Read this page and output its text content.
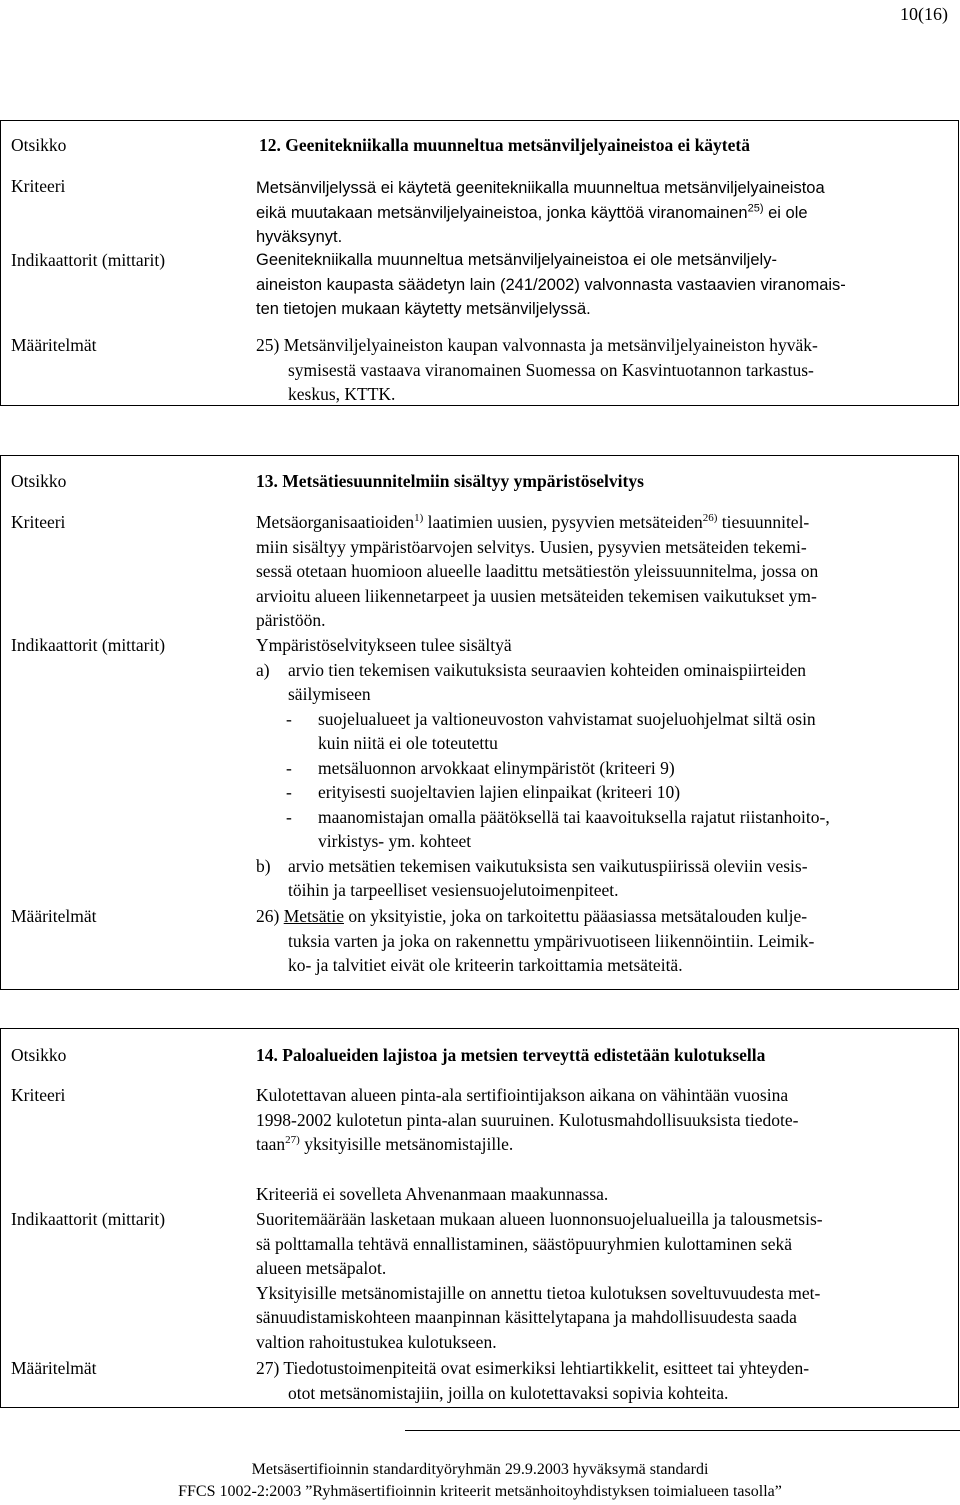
10(16)
Otsikko	12. Geenitekniikalla muunneltua metsänviljelyaineistoa ei käytetä
Kriteeri	Metsänviljelyssä ei käytetä geenitekniikalla muunneltua metsänviljelyaineistoa
eikä muutakaan metsänviljelyaineistoa, jonka käyttöä viranomainen$^{25)}$ ei ole
hyväksynyt.
Indikaattorit (mittarit)	Geenitekniikalla muunneltua metsänviljelyaineistoa ei ole metsänviljely-
aineiston kaupasta säädetyn lain (241/2002) valvonnasta vastaavien viranomais-
ten tietojen mukaan käytetty metsänviljelyssä.
Määritelmät	25) Metsänviljelyaineiston kaupan valvonnasta ja metsänviljelyaineiston hyväk-
symisestä vastaava viranomainen Suomessa on Kasvintuotannon tarkastus-
keskus, KTTK.
Otsikko	13. Metsätiesuunnitelmiin sisältyy ympäristöselvitys
Kriteeri	Metsäorganisaatioiden$^{1)}$ laatimien uusien, pysyvien metsäteiden$^{26)}$ tiesuunnitel-
miin sisältyy ympäristöarvojen selvitys. Uusien, pysyvien metsäteiden tekemi-
sessä otetaan huomioon alueelle laadittu metsätiestön yleissuunnitelma, jossa on
arvioitu alueen liikennetarpeet ja uusien metsäteiden tekemisen vaikutukset ym-
päristöön.
Indikaattorit (mittarit)	Ympäristöselvitykseen tulee sisältyä
a)	arvio tien tekemisen vaikutuksista seuraavien kohteiden ominaispiirteiden
säilymiseen
-	suojelualueet ja valtioneuvoston vahvistamat suojeluohjelmat siltä osin
kuin niitä ei ole toteutettu
-	metsäluonnon arvokkaat elinympäristöt (kriteeri 9)
-	erityisesti suojeltavien lajien elinpaikat (kriteeri 10)
-	maanomistajan omalla päätöksellä tai kaavoituksella rajatut riistanhoito-,
virkistys- ym. kohteet
b) arvio metsätien tekemisen vaikutuksista sen vaikutuspiirissä oleviin vesis-
töihin ja tarpeelliset vesiensuojelutoimenpiteet.
Määritelmät	26) Metsätie on yksityistie, joka on tarkoitettu pääasiassa metsätalouden kulje-
tuksia varten ja joka on rakennettu ympärivuotiseen liikennöintiin. Leimik-
ko- ja talvitiet eivät ole kriteerin tarkoittamia metsäteitä.
Otsikko	14. Paloalueiden lajistoa ja metsien terveyttä edistetään kulotuksella
Kriteeri	Kulotettavan alueen pinta-ala sertifiointijakson aikana on vähintään vuosina
1998-2002 kulotetun pinta-alan suuruinen. Kulotusmahdollisuuksista tiedote-
taan$^{27)}$ yksityisille metsänomistajille.
Kriteeriä ei sovelleta Ahvenanmaan maakunnassa.
Indikaattorit (mittarit)	Suoritemäärään lasketaan mukaan alueen luonnonsuojelualueilla ja talousmetsis-
sä polttamalla tehtävä ennallistaminen, säästöpuuryhmien kulottaminen sekä
alueen metsäpalot.
Yksityisille metsänomistajille on annettu tietoa kulotuksen soveltuvuudesta met-
sänuudistamiskohteen maanpinnan käsittelytapana ja mahdollisuudesta saada
valtion rahoitustukea kulotukseen.
Määritelmät	27) Tiedotustoimenpiteitä ovat esimerkiksi lehtiartikkelit, esitteet tai yhteyden-
otot metsänomistajiin, joilla on kulotettavaksi sopivia kohteita.
Metsäsertifioinnin standardityöryhmän 29.9.2003 hyväksymä standardi
FFCS 1002-2:2003 ”Ryhmäsertifioinnin kriteerit metsänhoitoyhdistyksen toimialueen tasolla”
